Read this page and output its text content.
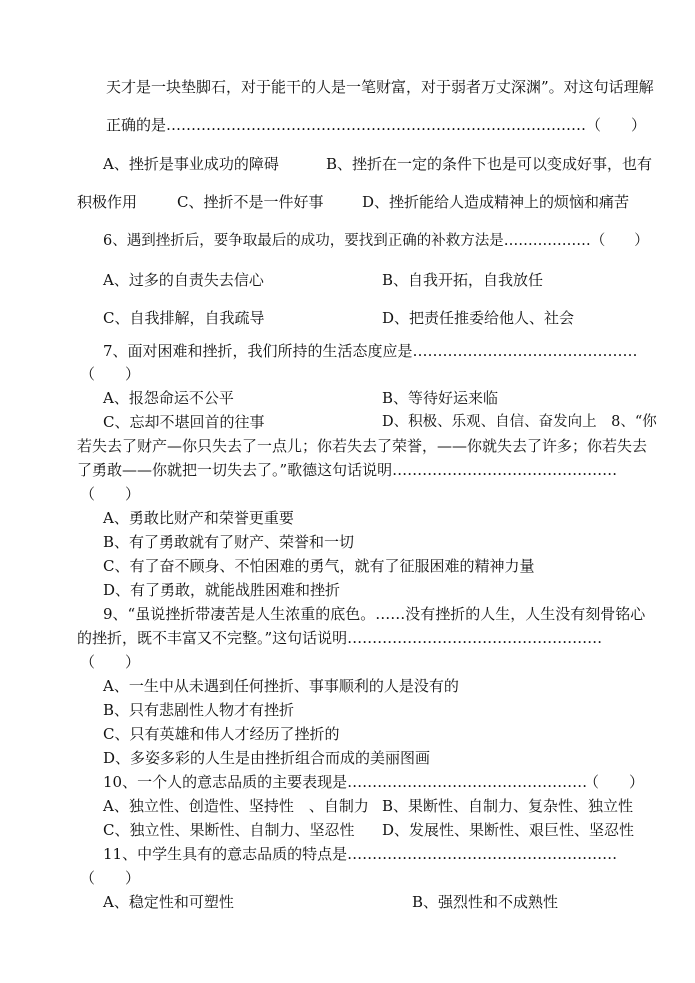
天才是一块垫脚石，对于能干的人是一笔财富，对于弱者万丈深渊”。对这句话理解
正确的是…………………………………………………………………………（　　）
A、挫折是事业成功的障碍	B、挫折在一定的条件下也是可以变成好事，也有
积极作用	C、挫折不是一件好事	D、挫折能给人造成精神上的烦恼和痛苦
6、遇到挫折后，要争取最后的成功，要找到正确的补救方法是………………（　　）
A、过多的自责失去信心	B、自我开拓，自我放任
C、自我排解，自我疏导	D、把责任推委给他人、社会
7、面对困难和挫折，我们所持的生活态度应是………………………………………
（　　）
A、报怨命运不公平	B、等待好运来临
C、忘却不堪回首的往事	D、积极、乐观、自信、奋发向上　8、“你
若失去了财产—你只失去了一点儿；你若失去了荣誉，——你就失去了许多；你若失去
了勇敢——你就把一切失去了。”歌德这句话说明………………………………………
（　　）
A、勇敢比财产和荣誉更重要
B、有了勇敢就有了财产、荣誉和一切
C、有了奋不顾身、不怕困难的勇气，就有了征服困难的精神力量
D、有了勇敢，就能战胜困难和挫折
9、“虽说挫折带凄苦是人生浓重的底色。……没有挫折的人生，人生没有刻骨铭心
的挫折，既不丰富又不完整。”这句话说明……………………………………………
（　　）
A、一生中从未遇到任何挫折、事事顺利的人是没有的
B、只有悲剧性人物才有挫折
C、只有英雄和伟人才经历了挫折的
D、多姿多彩的人生是由挫折组合而成的美丽图画
10、一个人的意志品质的主要表现是…………………………………………
（　　）
A、独立性、创造性、坚持性　、自制力 B、果断性、自制力、复杂性、独立性
C、独立性、果断性、自制力、坚忍性 D、发展性、果断性、艰巨性、坚忍性
11、中学生具有的意志品质的特点是………………………………………………
（　　）
A、稳定性和可塑性	B、强烈性和不成熟性
